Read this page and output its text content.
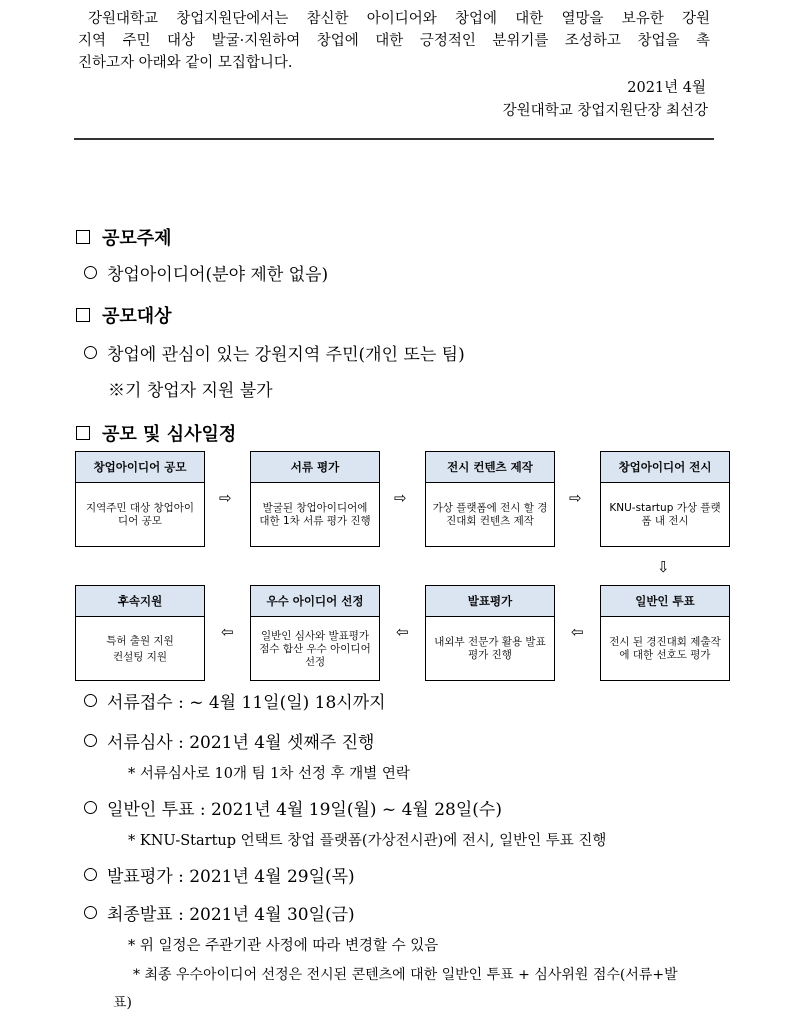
강원대학교 창업지원단에서는 참신한 아이디어와 창업에 대한 열망을 보유한 강원

지역 주민 대상 발굴·지원하여 창업에 대한 긍정적인 분위기를 조성하고 창업을 촉

진하고자 아래와 같이 모집합니다.

2021년 4월
강원대학교 창업지원단장 최선강
공모주제
창업아이디어(분야 제한 없음)
공모대상
창업에 관심이 있는 강원지역 주민(개인 또는 팀)
※기 창업자 지원 불가
공모 및 심사일정
창업아이디어 공모
지역주민 대상 창업아이디어 공모
⇨
서류 평가
발굴된 창업아이디어에 대한 1차 서류 평가 진행
⇨
전시 컨텐츠 제작
가상 플랫폼에 전시 할 경진대회 컨텐츠 제작
⇨
창업아이디어 전시
KNU-startup 가상 플랫폼 내 전시
⇩
후속지원
특허 출원 지원
컨설팅 지원
⇦
우수 아이디어 선정
일반인 심사와 발표평가 점수 합산 우수 아이디어 선정
⇦
발표평가
내외부 전문가 활용 발표평가 진행
⇦
일반인 투표
전시 된 경진대회 제출작에 대한 선호도 평가
서류접수 : ~ 4월 11일(일) 18시까지
서류심사 : 2021년 4월 셋째주 진행
* 서류심사로 10개 팀 1차 선정 후 개별 연락
일반인 투표 : 2021년 4월 19일(월) ~ 4월 28일(수)
* KNU-Startup 언택트 창업 플랫폼(가상전시관)에 전시, 일반인 투표 진행
발표평가 : 2021년 4월 29일(목)
최종발표 : 2021년 4월 30일(금)
* 위 일정은 주관기관 사정에 따라 변경할 수 있음
* 최종 우수아이디어 선정은 전시된 콘텐츠에 대한 일반인 투표 + 심사위원 점수(서류+발
표)
